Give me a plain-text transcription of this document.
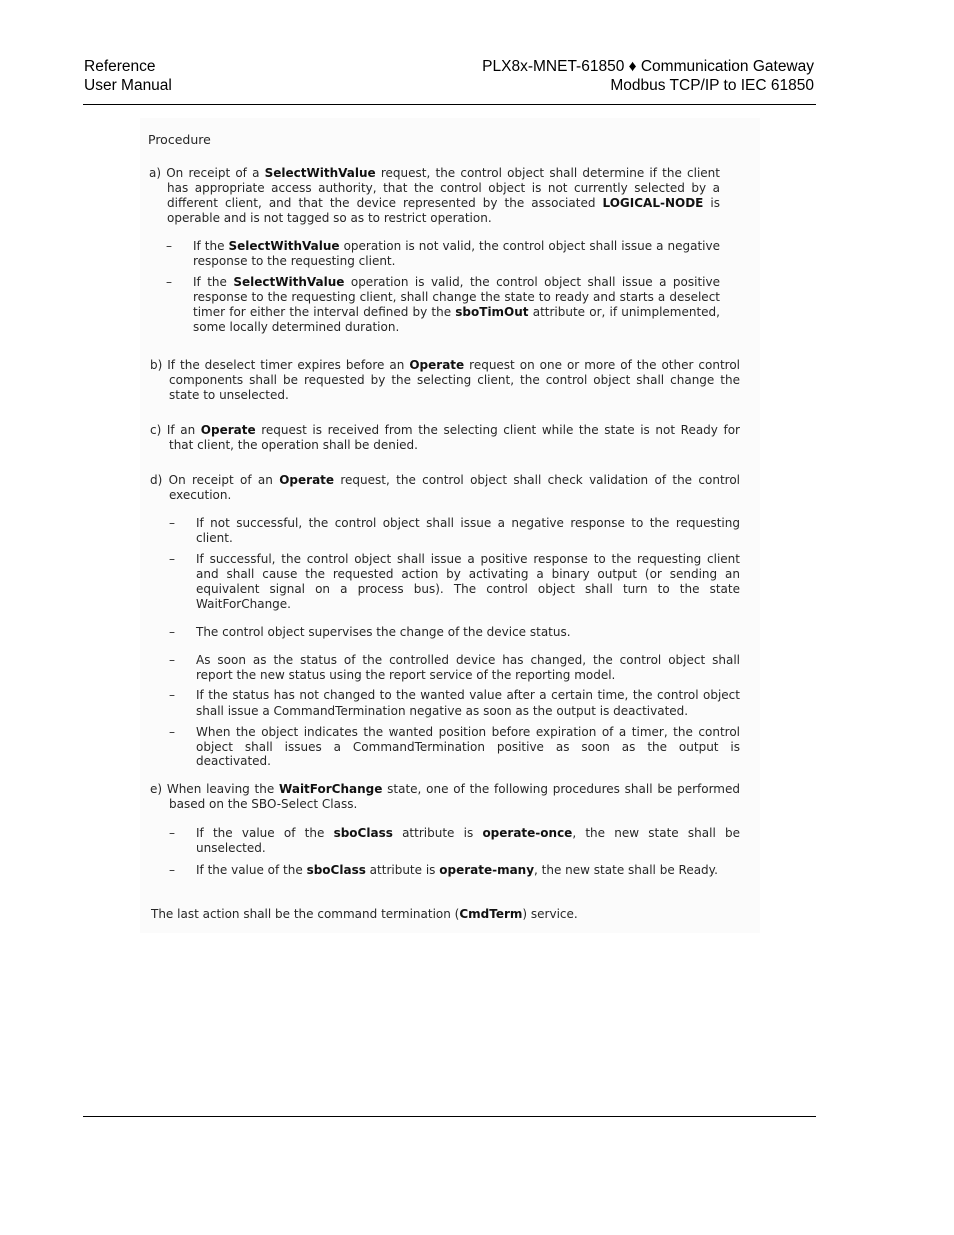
Reference
User Manual
PLX8x-MNET-61850 ♦ Communication Gateway
Modbus TCP/IP to IEC 61850
Procedure
a) On receipt of a SelectWithValue request, the control object shall determine if the client
has appropriate access authority, that the control object is not currently selected by a
different client, and that the device represented by the associated LOGICAL-NODE is
operable and is not tagged so as to restrict operation.
– If the SelectWithValue operation is not valid, the control object shall issue a negative
response to the requesting client.
– If the SelectWithValue operation is valid, the control object shall issue a positive
response to the requesting client, shall change the state to ready and starts a deselect
timer for either the interval defined by the sboTimOut attribute or, if unimplemented,
some locally determined duration.
b) If the deselect timer expires before an Operate request on one or more of the other control
components shall be requested by the selecting client, the control object shall change the
state to unselected.
c) If an Operate request is received from the selecting client while the state is not Ready for
that client, the operation shall be denied.
d) On receipt of an Operate request, the control object shall check validation of the control
execution.
– If not successful, the control object shall issue a negative response to the requesting
client.
– If successful, the control object shall issue a positive response to the requesting client
and shall cause the requested action by activating a binary output (or sending an
equivalent signal on a process bus). The control object shall turn to the state
WaitForChange.
– The control object supervises the change of the device status.
– As soon as the status of the controlled device has changed, the control object shall
report the new status using the report service of the reporting model.
– If the status has not changed to the wanted value after a certain time, the control object
shall issue a CommandTermination negative as soon as the output is deactivated.
– When the object indicates the wanted position before expiration of a timer, the control
object shall issues a CommandTermination positive as soon as the output is
deactivated.
e) When leaving the WaitForChange state, one of the following procedures shall be performed
based on the SBO-Select Class.
– If the value of the sboClass attribute is operate-once, the new state shall be
unselected.
– If the value of the sboClass attribute is operate-many, the new state shall be Ready.
The last action shall be the command termination (CmdTerm) service.
